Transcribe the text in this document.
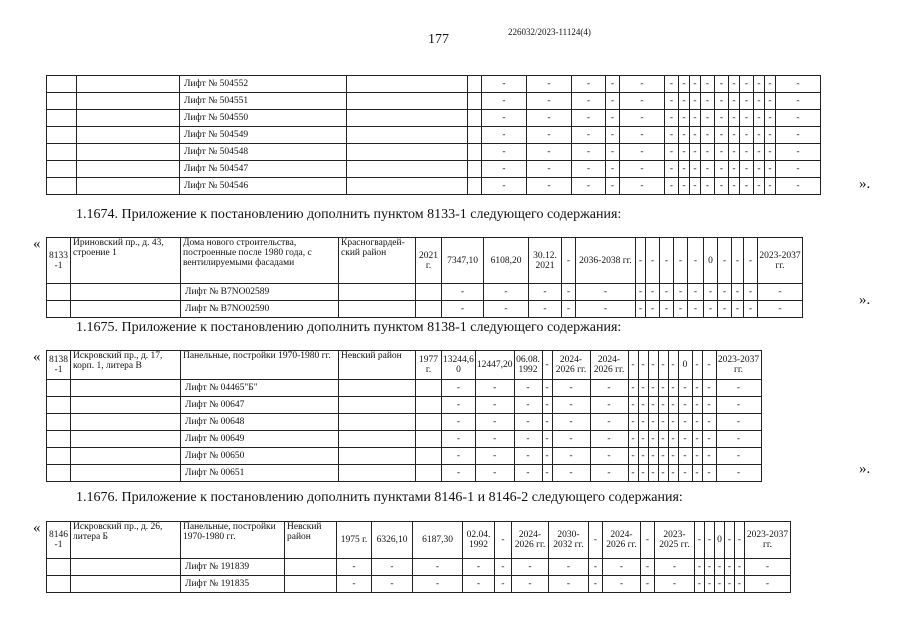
226032/2023-11124(4)
177
		Лифт № 504552			-	-	-	-	-	-	-	-	-	-	-	-	-	-	-
		Лифт № 504551			-	-	-	-	-	-	-	-	-	-	-	-	-	-	-
		Лифт № 504550			-	-	-	-	-	-	-	-	-	-	-	-	-	-	-
		Лифт № 504549			-	-	-	-	-	-	-	-	-	-	-	-	-	-	-
		Лифт № 504548			-	-	-	-	-	-	-	-	-	-	-	-	-	-	-
		Лифт № 504547			-	-	-	-	-	-	-	-	-	-	-	-	-	-	-
		Лифт № 504546			-	-	-	-	-	-	-	-	-	-	-	-	-	-	-	».
1.1674. Приложение к постановлению дополнить пунктом 8133-1 следующего содержания:
«
8133 -1	Ириновский пр., д. 43, строение 1	Дома нового строительства, построенные после 1980 года, с вентилируемыми фасадами	Красногвардей-ский район	2021 г.	7347,10	6108,20	30.12. 2021	-	2036-2038 гг.	-	-	-	-	-	0	-	-	-	2023-2037 гг.
		Лифт № В7NO02589			-	-	-	-	-	-	-	-	-	-	-	-	-	-	-
		Лифт № В7NO02590			-	-	-	-	-	-	-	-	-	-	-	-	-	-	-
».
1.1675. Приложение к постановлению дополнить пунктом 8138-1 следующего содержания:
« 8138 -1	Искровский пр., д. 17, корп. 1, литера В	Панельные, постройки 1970-1980 гг.	Невский район	1977 г.	13244,6 0	12447,20	06.08. 1992	-	2024-2026 гг.	2024-2026 гг.	-	-	-	-	-	0	-	-	2023-2037 гг.
		Лифт № 04465"Б"			-	-	-	-	-	-	-	-	-	-	-	-	-	-	-
		Лифт № 00647			-	-	-	-	-	-	-	-	-	-	-	-	-	-	-
		Лифт № 00648			-	-	-	-	-	-	-	-	-	-	-	-	-	-	-
		Лифт № 00649			-	-	-	-	-	-	-	-	-	-	-	-	-	-	-
		Лифт № 00650			-	-	-	-	-	-	-	-	-	-	-	-	-	-	-
		Лифт № 00651			-	-	-	-	-	-	-	-	-	-	-	-	-	-	-	».
1.1676. Приложение к постановлению дополнить пунктами 8146-1 и 8146-2 следующего содержания:
« 8146 -1	Искровский пр., д. 26, литера Б	Панельные, постройки 1970-1980 гг.	Невский район	1975 г.	6326,10	6187,30	02.04. 1992	-	2024-2026 гг.	2030-2032 гг.	-	2024-2026 гг.	-	2023-2025 гг.	-	-	0	-	-	2023-2037 гг.
		Лифт № 191839		-	-	-	-	-	-	-	-	-	-	-	-	-	-	-	-	-
		Лифт № 191835		-	-	-	-	-	-	-	-	-	-	-	-	-	-	-	-	-
